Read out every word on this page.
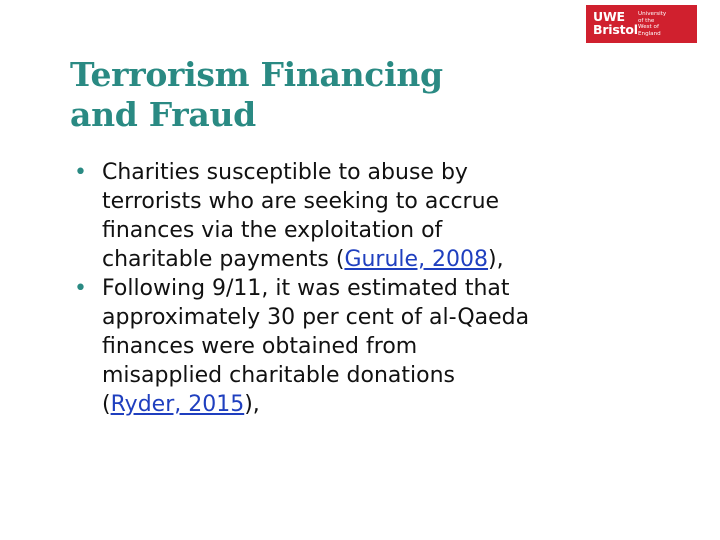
UWE
Bristol
University
of the
West of
England
Terrorism Financing
and Fraud
• Charities susceptible to abuse by
terrorists who are seeking to accrue
finances via the exploitation of
charitable payments (Gurule, 2008),
• Following 9/11, it was estimated that
approximately 30 per cent of al-Qaeda
finances were obtained from
misapplied charitable donations
(Ryder, 2015),
